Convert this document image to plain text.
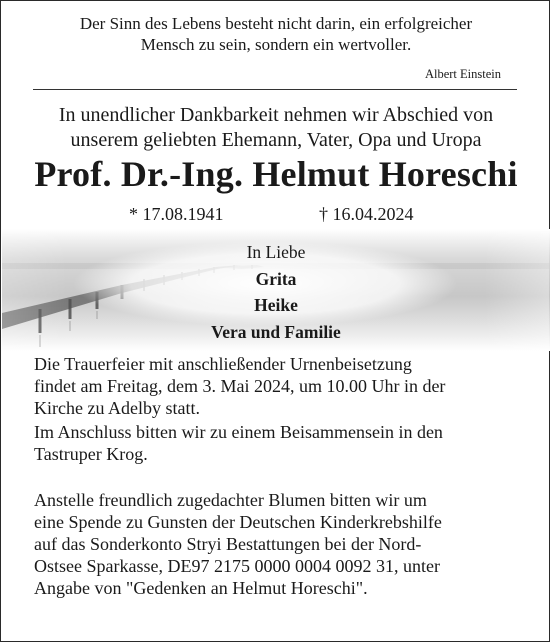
Der Sinn des Lebens besteht nicht darin, ein erfolgreicher
Mensch zu sein, sondern ein wertvoller.
Albert Einstein
In unendlicher Dankbarkeit nehmen wir Abschied von
unserem geliebten Ehemann, Vater, Opa und Uropa
Prof. Dr.-Ing. Helmut Horeschi
* 17.08.1941	† 16.04.2024
In Liebe
Grita
Heike
Vera und Familie
Die Trauerfeier mit anschließender Urnenbeisetzung
findet am Freitag, dem 3. Mai 2024, um 10.00 Uhr in der
Kirche zu Adelby statt.
Im Anschluss bitten wir zu einem Beisammensein in den
Tastruper Krog.
Anstelle freundlich zugedachter Blumen bitten wir um
eine Spende zu Gunsten der Deutschen Kinderkrebshilfe
auf das Sonderkonto Stryi Bestattungen bei der Nord-
Ostsee Sparkasse, DE97 2175 0000 0004 0092 31, unter
Angabe von "Gedenken an Helmut Horeschi".
